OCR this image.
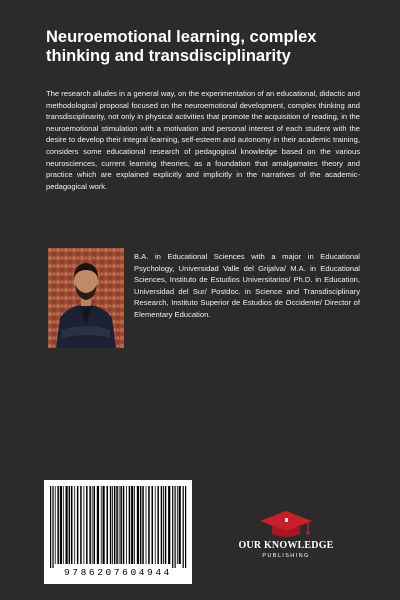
Neuroemotional learning, complex thinking and transdisciplinarity

The research alludes in a general way, on the experimentation of an educational, didactic and methodological proposal focused on the neuroemotional development, complex thinking and transdisciplinarity, not only in physical activities that promote the acquisition of reading, in the neuroemotional stimulation with a motivation and personal interest of each student with the desire to develop their integral learning, self-esteem and autonomy in their academic training, considers some educational research of pedagogical knowledge based on the various neurosciences, current learning theories, as a foundation that amalgamates theory and practice which are explained explicitly and implicitly in the narratives of the academic-pedagogical work.

B.A. in Educational Sciences with a major in Educational Psychology, Universidad Valle del Grijalva/ M.A. in Educational Sciences, Instituto de Estudios Universitarios/ Ph.D. in Education, Universidad del Sur/ Postdoc. in Science and Transdisciplinary Research, Instituto Superior de Estudios de Occidente/ Director of Elementary Education.

9786207604944
OUR KNOWLEDGE
PUBLISHING
